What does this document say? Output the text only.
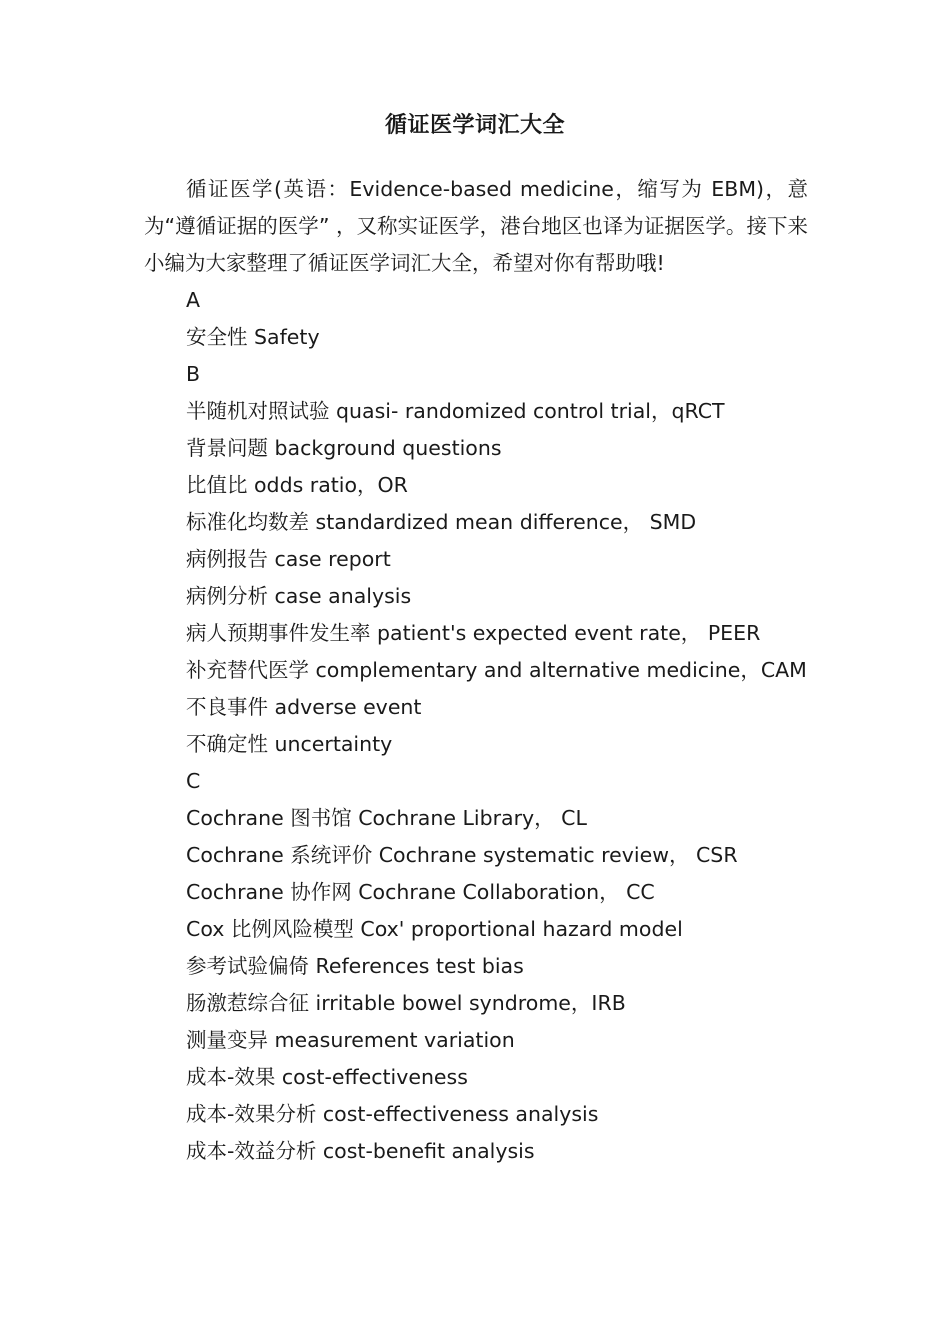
循证医学词汇大全

循证医学(英语：Evidence-based medicine，缩写为 EBM)，意为“遵循证据的医学” ，又称实证医学，港台地区也译为证据医学。接下来小编为大家整理了循证医学词汇大全，希望对你有帮助哦!

A
安全性 Safety
B
半随机对照试验 quasi- randomized control trial，qRCT
背景问题 background questions
比值比 odds ratio，OR
标准化均数差 standardized mean difference， SMD
病例报告 case report
病例分析 case analysis
病人预期事件发生率 patient's expected event rate， PEER
补充替代医学 complementary and alternative medicine，CAM
不良事件 adverse event
不确定性 uncertainty
C
Cochrane 图书馆 Cochrane Library， CL
Cochrane 系统评价 Cochrane systematic review， CSR
Cochrane 协作网 Cochrane Collaboration， CC
Cox 比例风险模型 Cox' proportional hazard model
参考试验偏倚 References test bias
肠激惹综合征 irritable bowel syndrome，IRB
测量变异 measurement variation
成本-效果 cost-effectiveness
成本-效果分析 cost-effectiveness analysis
成本-效益分析 cost-benefit analysis
